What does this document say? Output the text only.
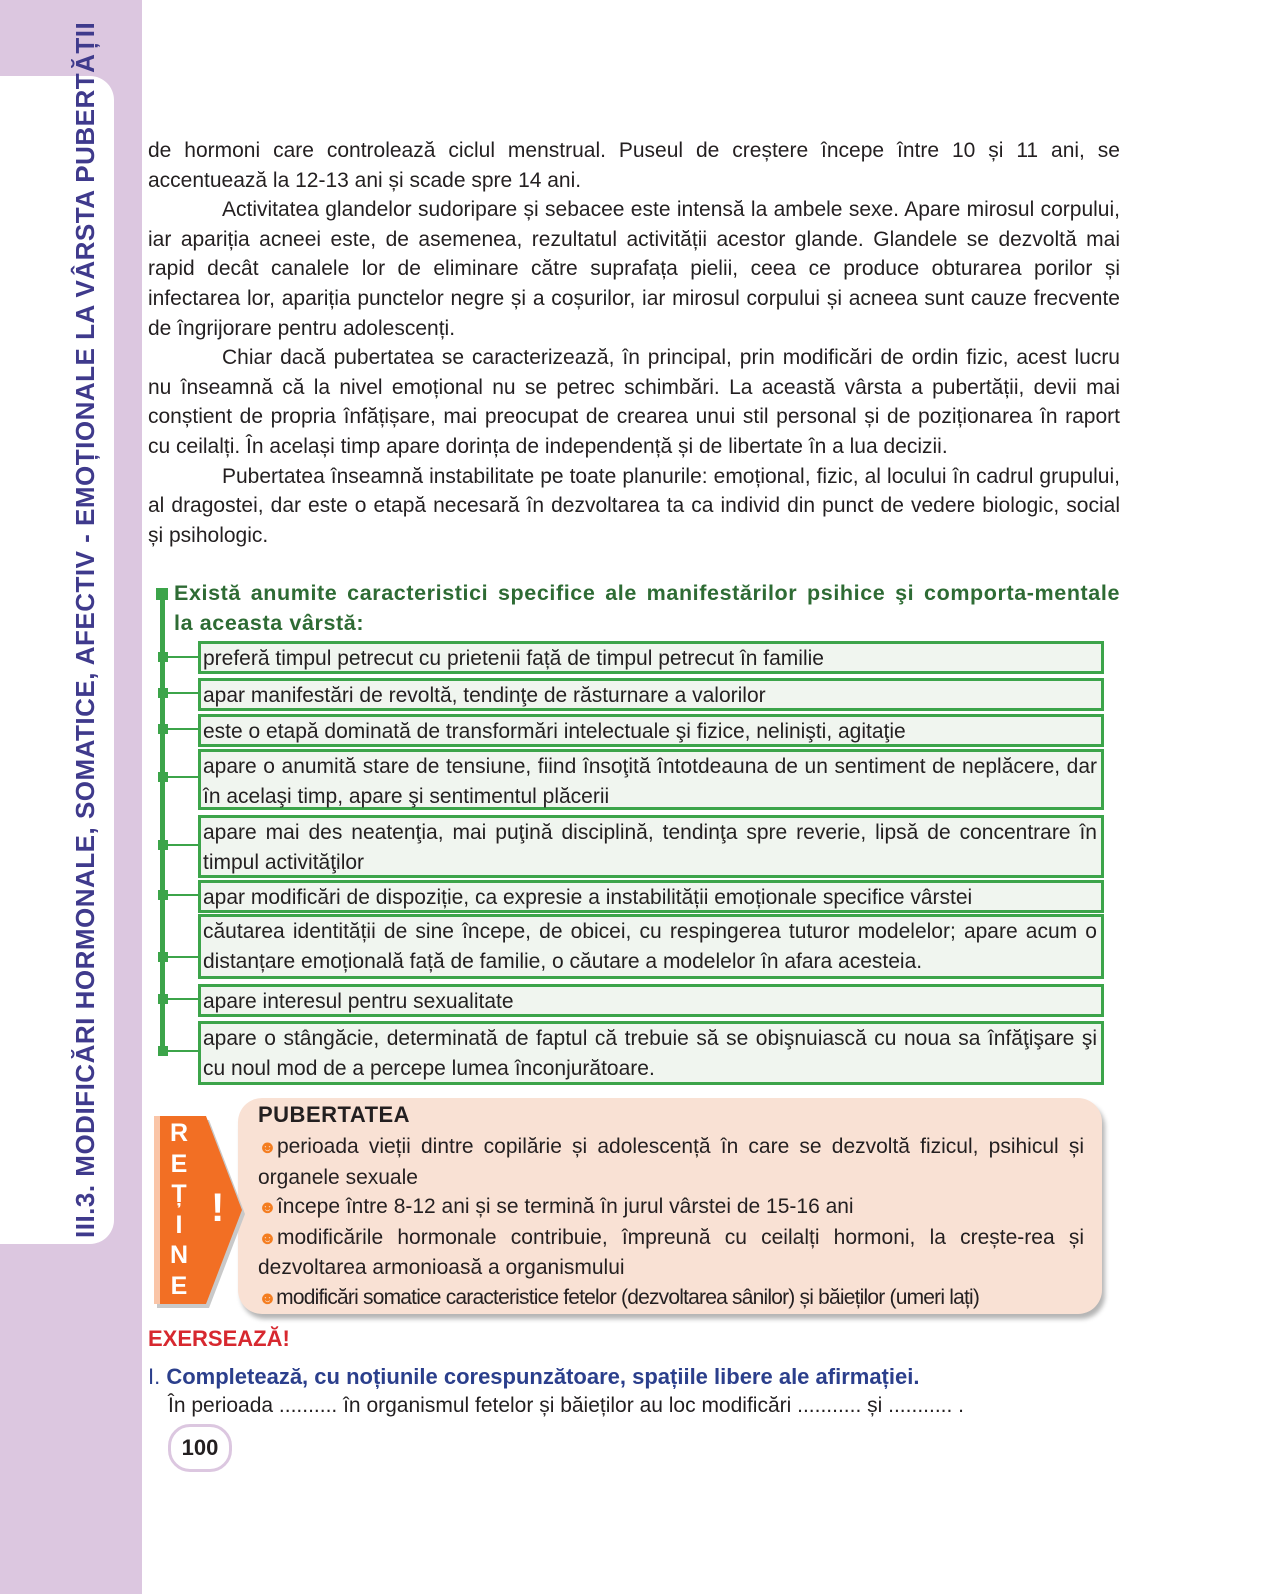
III.3. MODIFICĂRI HORMONALE, SOMATICE, AFECTIV - EMOȚIONALE LA VÂRSTA PUBERTĂȚII de hormoni care controlează ciclul menstrual. Puseul de creștere începe între 10 și 11 ani, se accentuează la 12-13 ani și scade spre 14 ani.

Activitatea glandelor sudoripare și sebacee este intensă la ambele sexe. Apare mirosul corpului, iar apariția acneei este, de asemenea, rezultatul activității acestor glande. Glandele se dezvoltă mai rapid decât canalele lor de eliminare către suprafața pielii, ceea ce produce obturarea porilor și infectarea lor, apariția punctelor negre și a coșurilor, iar mirosul corpului și acneea sunt cauze frecvente de îngrijorare pentru adolescenți.

Chiar dacă pubertatea se caracterizează, în principal, prin modificări de ordin fizic, acest lucru nu înseamnă că la nivel emoțional nu se petrec schimbări. La această vârsta a pubertății, devii mai conștient de propria înfățișare, mai preocupat de crearea unui stil personal și de poziționarea în raport cu ceilalți. În același timp apare dorința de independență și de libertate în a lua decizii.

Pubertatea înseamnă instabilitate pe toate planurile: emoțional, fizic, al locului în cadrul grupului, al dragostei, dar este o etapă necesară în dezvoltarea ta ca individ din punct de vedere biologic, social și psihologic.

Există anumite caracteristici specifice ale manifestărilor psihice şi comporta-mentale la aceasta vârstă:
preferă timpul petrecut cu prietenii față de timpul petrecut în familie
apar manifestări de revoltă, tendinţe de răsturnare a valorilor
este o etapă dominată de transformări intelectuale şi fizice, nelinişti, agitaţie
apare o anumită stare de tensiune, fiind însoţită întotdeauna de un sentiment de neplăcere, dar în acelaşi timp, apare şi sentimentul plăcerii
apare mai des neatenţia, mai puţină disciplină, tendinţa spre reverie, lipsă de concentrare în timpul activităţilor
apar modificări de dispoziție, ca expresie a instabilității emoționale specifice vârstei
căutarea identității de sine începe, de obicei, cu respingerea tuturor modelelor; apare acum o distanțare emoțională față de familie, o căutare a modelelor în afara acesteia.
apare interesul pentru sexualitate
apare o stângăcie, determinată de faptul că trebuie să se obişnuiască cu noua sa înfăţişare şi cu noul mod de a percepe lumea înconjurătoare.
R
E
Ț
I
N
E
!
PUBERTATEA

☻perioada vieții dintre copilărie și adolescență în care se dezvoltă fizicul, psihicul și organele sexuale

☻începe între 8-12 ani și se termină în jurul vârstei de 15-16 ani

☻modificările hormonale contribuie, împreună cu ceilalți hormoni, la crește-rea și dezvoltarea armonioasă a organismului

☻modificări somatice caracteristice fetelor (dezvoltarea sânilor) și băieților (umeri lați)

EXERSEAZĂ!
I. Completează, cu noțiunile corespunzătoare, spațiile libere ale afirmației.
În perioada .......... în organismul fetelor și băieților au loc modificări ........... și ........... .
100
